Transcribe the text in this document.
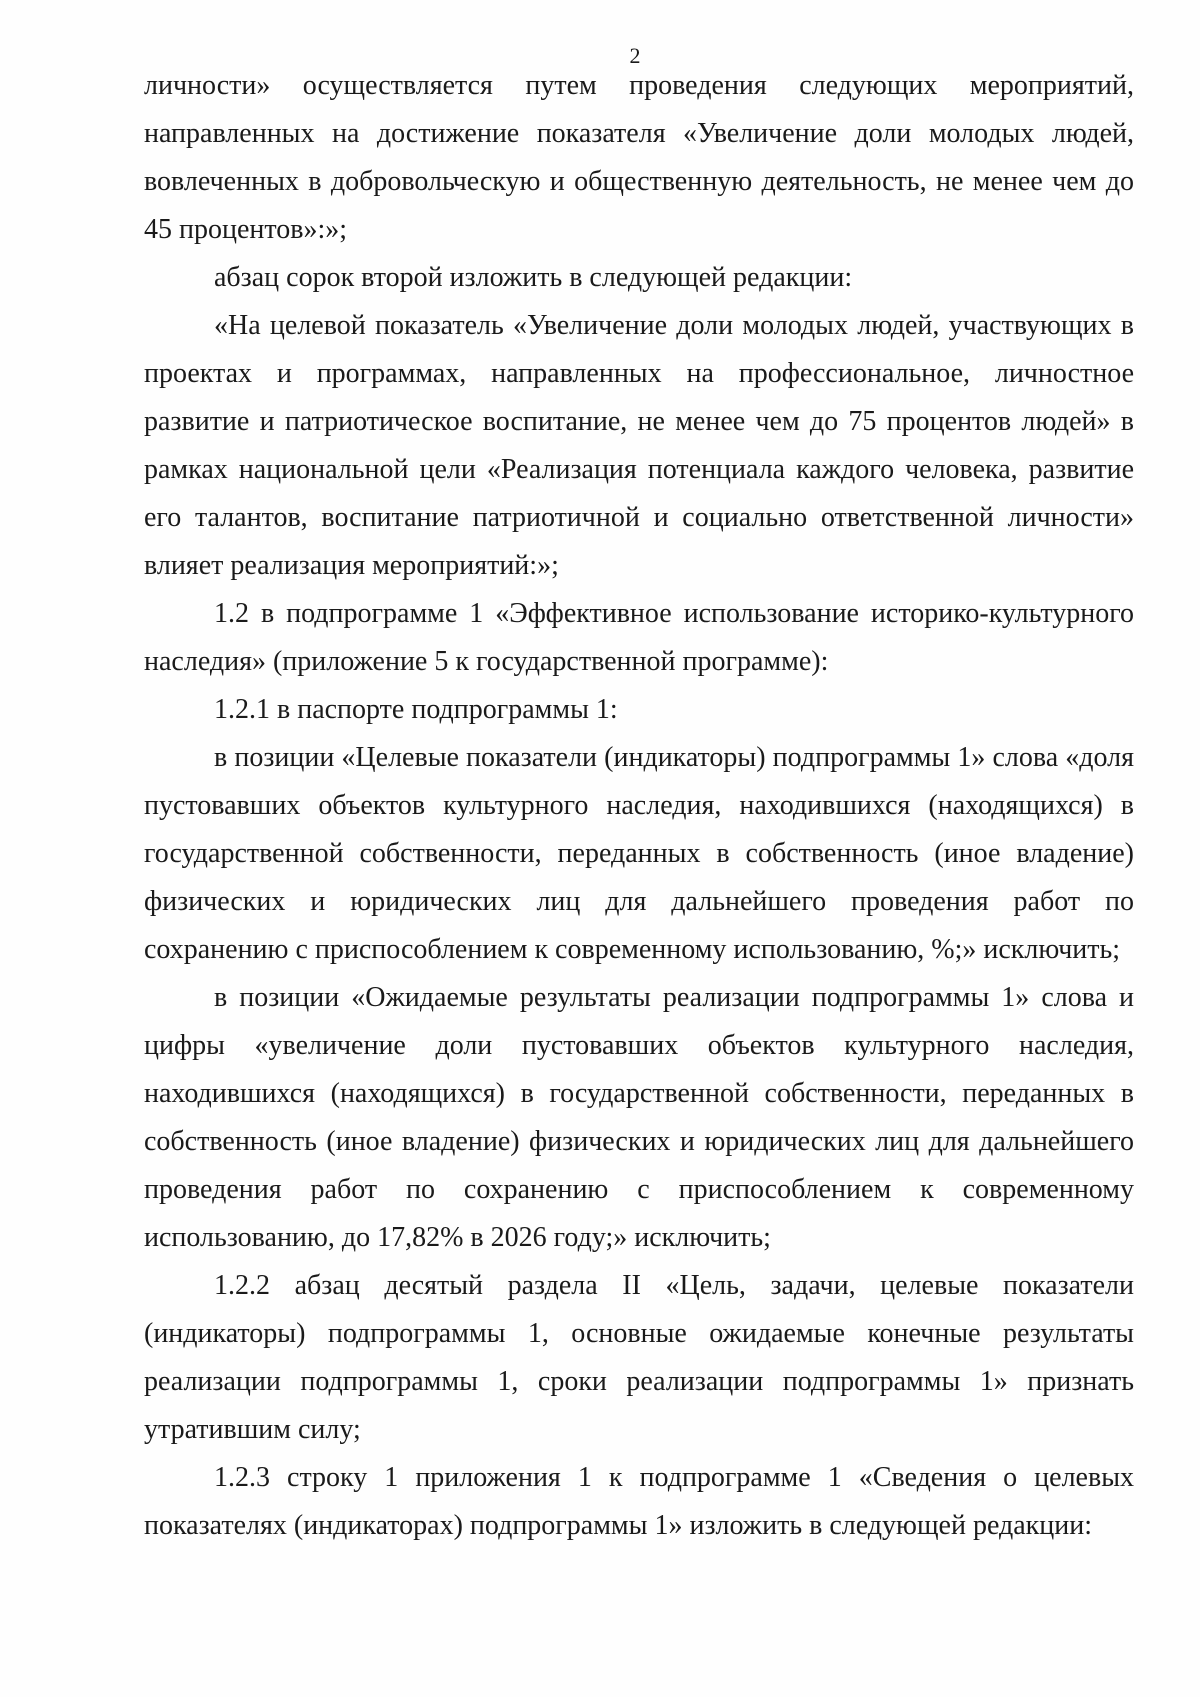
2

личности» осуществляется путем проведения следующих мероприятий, направленных на достижение показателя «Увеличение доли молодых людей, вовлеченных в добровольческую и общественную деятельность, не менее чем до 45 процентов»:»;

абзац сорок второй изложить в следующей редакции:

«На целевой показатель «Увеличение доли молодых людей, участвующих в проектах и программах, направленных на профессиональное, личностное развитие и патриотическое воспитание, не менее чем до 75 процентов людей» в рамках национальной цели «Реализация потенциала каждого человека, развитие его талантов, воспитание патриотичной и социально ответственной личности» влияет реализация мероприятий:»;

1.2 в подпрограмме 1 «Эффективное использование историко-культурного наследия» (приложение 5 к государственной программе):

1.2.1 в паспорте подпрограммы 1:

в позиции «Целевые показатели (индикаторы) подпрограммы 1» слова «доля пустовавших объектов культурного наследия, находившихся (находящихся) в государственной собственности, переданных в собственность (иное владение) физических и юридических лиц для дальнейшего проведения работ по сохранению с приспособлением к современному использованию, %;» исключить;

в позиции «Ожидаемые результаты реализации подпрограммы 1» слова и цифры «увеличение доли пустовавших объектов культурного наследия, находившихся (находящихся) в государственной собственности, переданных в собственность (иное владение) физических и юридических лиц для дальнейшего проведения работ по сохранению с приспособлением к современному использованию, до 17,82% в 2026 году;» исключить;

1.2.2 абзац десятый раздела II «Цель, задачи, целевые показатели (индикаторы) подпрограммы 1, основные ожидаемые конечные результаты реализации подпрограммы 1, сроки реализации подпрограммы 1» признать утратившим силу;

1.2.3 строку 1 приложения 1 к подпрограмме 1 «Сведения о целевых показателях (индикаторах) подпрограммы 1» изложить в следующей редакции:
